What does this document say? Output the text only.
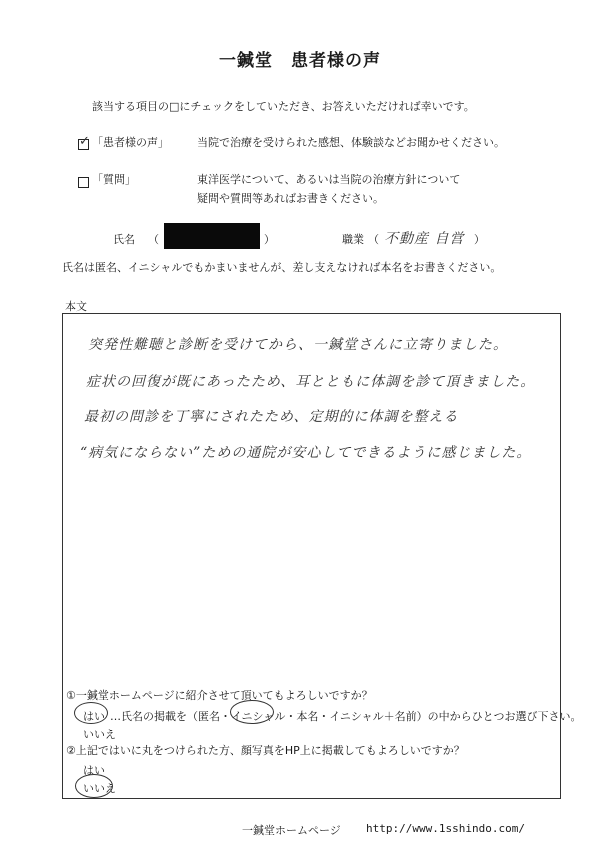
一鍼堂　患者様の声
該当する項目の□にチェックをしていただき、お答えいただければ幸いです。
✓ 「患者様の声」	当院で治療を受けられた感想、体験談などお聞かせください。
「質問」	東洋医学について、あるいは当院の治療方針について
疑問や質問等あればお書きください。
氏名 （	）	職業 （ 不動産 自営 ）
氏名は匿名、イニシャルでもかまいませんが、差し支えなければ本名をお書きください。
本文
突発性難聴と診断を受けてから、一鍼堂さんに立寄りました。
症状の回復が既にあったため、耳とともに体調を診て頂きました。
最初の問診を丁寧にされたため、定期的に体調を整える
“病気にならない”ための通院が安心してできるように感じました。
①一鍼堂ホームページに紹介させて頂いてもよろしいですか？
はい …氏名の掲載を（匿名・イニシャル・本名・イニシャル＋名前）の中からひとつお選び下さい。
いいえ
②上記ではいに丸をつけられた方、顔写真をHP上に掲載してもよろしいですか？
はい
いいえ
一鍼堂ホームページ http://www.1sshindo.com/
